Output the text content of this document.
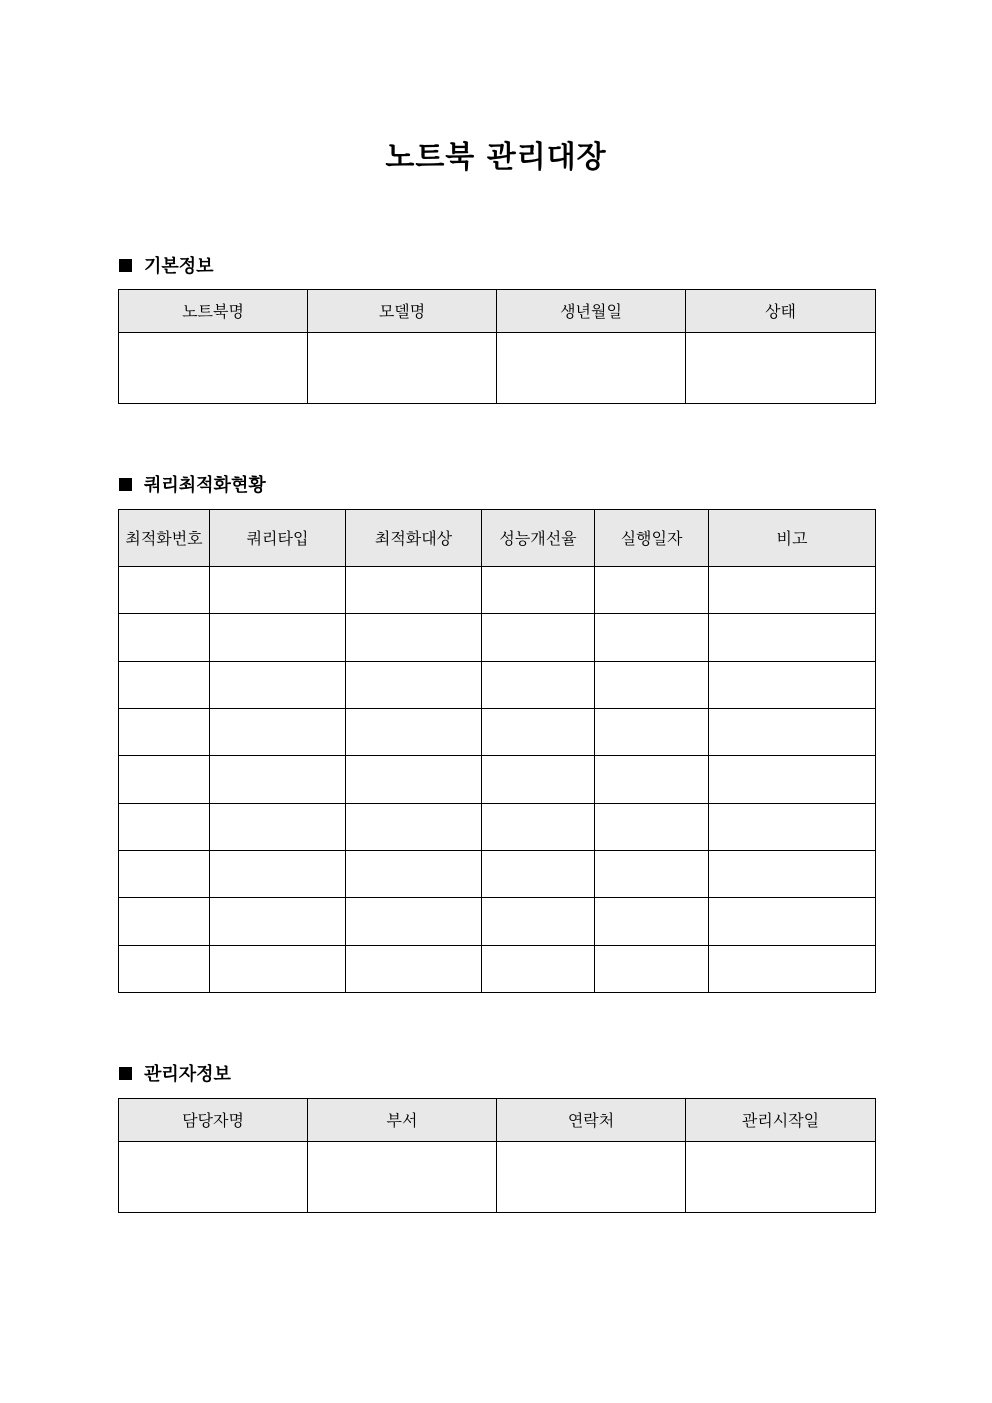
노트북 관리대장
기본정보
노트북명	모델명	생년월일	상태

쿼리최적화현황
최적화번호	쿼리타입	최적화대상	성능개선율	실행일자	비고

관리자정보
담당자명	부서	연락처	관리시작일
